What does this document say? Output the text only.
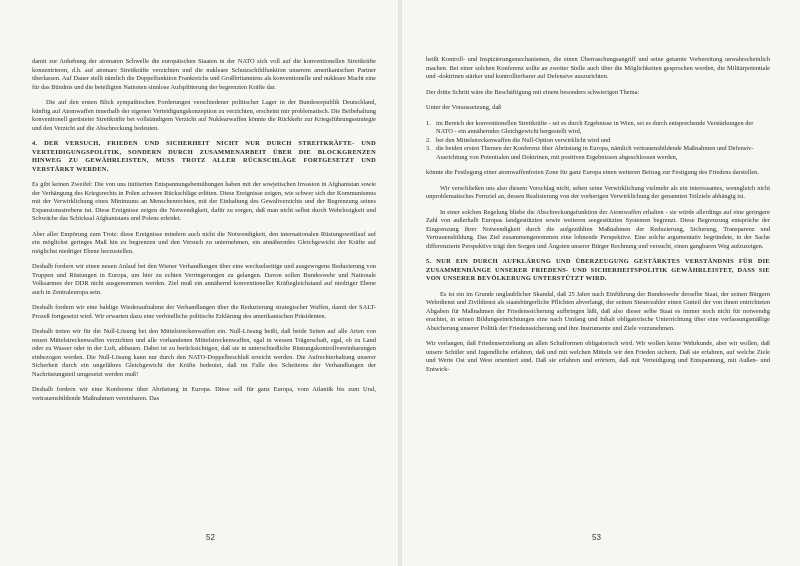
damit zur Anhebung der atomaren Schwelle die europäischen Staaten in der NATO sich voll auf die konventionellen Streitkräfte konzentrieren, d.h. auf atomare Streitkräfte verzichten und die nukleare Schutzschildfunktion unserem amerikanischen Partner überlassen. Auf Dauer stellt nämlich die Doppelfunktion Frankreichs und Großbritanniens als konventionelle und nukleare Macht eine für das Bündnis und die beteiligten Nationen sinnlose Aufsplitterung der begrenzten Kräfte dar.

Die auf den ersten Blick sympathischen Forderungen verschiedener politischer Lager in der Bundesrepublik Deutschland, künftig auf Atomwaffen innerhalb der eigenen Verteidigungskonzeption zu verzichten, erscheint mir problematisch. Die Beibehaltung konventionell gerüsteter Streitkräfte bei vollständigem Verzicht auf Nuklearwaffen könnte die Rückkehr zur Kriegsführungsstrategie und den Verzicht auf die Abschreckung bedeuten.

4. DER VERSUCH, FRIEDEN UND SICHERHEIT NICHT NUR DURCH STREITKRÄFTE- UND VERTEIDIGUNGSPOLITIK, SONDERN DURCH ZUSAMMENARBEIT ÜBER DIE BLOCKGRENZEN HINWEG ZU GEWÄHRLEISTEN, MUSS TROTZ ALLER RÜCKSCHLÄGE FORTGESETZT UND VERSTÄRKT WERDEN.

Es gibt keinen Zweifel: Die von uns initiierten Entspannungsbemühungen haben mit der sowjetischen Invasion in Afghanistan sowie der Verhängung des Kriegsrechts in Polen schwere Rückschläge erlitten. Diese Ereignisse zeigen, wie schwer sich der Kommunismus mit der Verwirklichung eines Minimums an Menschenrechten, mit der Einhaltung des Gewaltverzichts und der Begrenzung seines Expansionsstrebens tut. Diese Ereignisse zeigen die Notwendigkeit, dafür zu sorgen, daß man nicht selbst durch Wehrlosigkeit und Schwäche das Schicksal Afghanistans und Polens erleidet.

Aber aller Empörung zum Trotz: diese Ereignisse mindern auch nicht die Notwendigkeit, den internationalen Rüstungswettlauf auf ein möglichst geringes Maß hin zu begrenzen und den Versuch zu unternehmen, ein annäherndes Gleichgewicht der Kräfte auf möglichst niedriger Ebene herzustellen.

Deshalb fordern wir einen neuen Anlauf bei den Wiener Verhandlungen über eine wechselseitige und ausgewogene Reduzierung von Truppen und Rüstungen in Europa, um hier zu echten Verringerungen zu gelangen. Davon sollen Bundeswehr und Nationale Volksarmee der DDR nicht ausgenommen werden. Ziel muß ein annähernd konventioneller Kräftegleichstand auf niedriger Ebene auch in Zentraleuropa sein.

Deshalb fordern wir eine baldige Wiederaufnahme der Verhandlungen über die Reduzierung strategischer Waffen, damit der SALT-Prozeß fortgesetzt wird. Wir erwarten dazu eine verbindliche politische Erklärung des amerikanischen Präsidenten.

Deshalb treten wir für die Null-Lösung bei den Mittelstreckenwaffen ein. Null-Lösung heißt, daß beide Seiten auf alle Arten von neuen Mittelstreckenwaffen verzichten und alle vorhandenen Mittelstreckenwaffen, egal in wessen Trägerschaft, egal, ob zu Land oder zu Wasser oder in der Luft, abbauen. Dabei ist zu berücksichtigen, daß sie in unterschiedliche Rüstungskontrollvereinbarungen einbezogen werden. Die Null-Lösung kann nur durch den NATO-Doppelbeschluß erreicht werden. Die Aufrechterhaltung unserer Sicherheit durch ein ungefähres Gleichgewicht der Kräfte bedeutet, daß im Falle des Scheiterns der Verhandlungen der Nachrüstungsteil umgesetzt werden muß!

Deshalb fordern wir eine Konferenz über Abrüstung in Europa. Diese soll für ganz Europa, vom Atlantik bis zum Ural, vertrauensbildende Maßnahmen vereinbaren. Das

52

heißt Kontroll- und Inspizierungsmechanismen, die einen Überraschungsangriff und seine getarnte Vorbereitung unwahrscheinlich machen. Bei einer solchen Konferenz sollte an zweiter Stelle auch über die Möglichkeiten gesprochen werden, die Militärpotentiale und -doktrinen stärker und kontrollierbarer auf Defensive auszurichten.

Der dritte Schritt wäre die Beschäftigung mit einem besonders schwierigen Thema:

Unter der Voraussetzung, daß

1. im Bereich der konventionellen Streitkräfte - sei es durch Ergebnisse in Wien, sei es durch entsprechende Verstärkungen der NATO - ein annäherndes Gleichgewicht hergestellt wird,
2. bei den Mittelstreckenwaffen die Null-Option verwirklicht wird und
3. die beiden ersten Themen der Konferenz über Abrüstung in Europa, nämlich vertrauensbildende Maßnahmen und Defensiv-Ausrichtung von Potentialen und Doktrinen, mit positiven Ergebnissen abgeschlossen werden,

könnte die Festlegung einer atomwaffenfreien Zone für ganz Europa einen weiteren Beitrag zur Festigung des Friedens darstellen.

Wir verschließen uns also diesem Vorschlag nicht, sehen seine Verwirklichung vielmehr als ein interessantes, wenngleich nicht unproblematisches Fernziel an, dessen Realisierung von der vorherigen Verwirklichung der genannten Teilziele abhängig ist.

In einer solchen Regelung bliebe die Abschreckungsfunktion der Atomwaffen erhalten - sie würde allerdings auf eine geringere Zahl von außerhalb Europas landgestützten sowie weiteren seegestützten Systemen begrenzt. Diese Begrenzung entspräche der Eingrenzung ihrer Notwendigkeit durch die aufgezählten Maßnahmen der Reduzierung, Sicherung, Transparenz und Vertrauensbildung. Das Ziel zusammengenommen eine lohnende Perspektive. Eine solche argumentativ begründete, in der Sache differenzierte Perspektive trägt den Sorgen und Ängsten unserer Bürger Rechnung und versucht, einen gangbaren Weg aufzuzeigen.

5. NUR EIN DURCH AUFKLÄRUNG UND ÜBERZEUGUNG GESTÄRKTES VERSTÄNDNIS FÜR DIE ZUSAMMENHÄNGE UNSERER FRIEDENS- UND SICHERHEITSPOLITIK GEWÄHRLEISTET, DASS SIE VON UNSERER BEVÖLKERUNG UNTERSTÜTZT WIRD.

Es ist ein im Grunde unglaublicher Skandal, daß 25 Jahre nach Einführung der Bundeswehr derselbe Staat, der seinen Bürgern Wehrdienst und Zivildienst als staatsbürgerliche Pflichten abverlangt, der seinen Steuerzahler einen Gutteil der von ihnen entrichteten Abgaben für Maßnahmen der Friedenssicherung aufbringen läßt, daß also dieser selbe Staat es immer noch nicht für notwendig erachtet, in seinen Bildungseinrichtungen eine nach Umfang und Inhalt obligatorische Unterrichtung über eine verfassungsmäßige Absicherung unserer Politik der Friedenssicherung und ihre Instrumente und Ziele vorzunehmen.

Wir verlangen, daß Friedenserziehung an allen Schulformen obligatorisch wird. Wir wollen keine Wehrkunde, aber wir wollen, daß unsere Schüler und Jugendliche erfahren, daß und mit welchen Mitteln wir den Frieden sichern. Daß sie erfahren, auf welche Ziele und Werte Ost und West orientiert sind. Daß sie erfahren und erörtern, daß mit Verteidigung und Entspannung, mit Außen- und Entwick-

53
